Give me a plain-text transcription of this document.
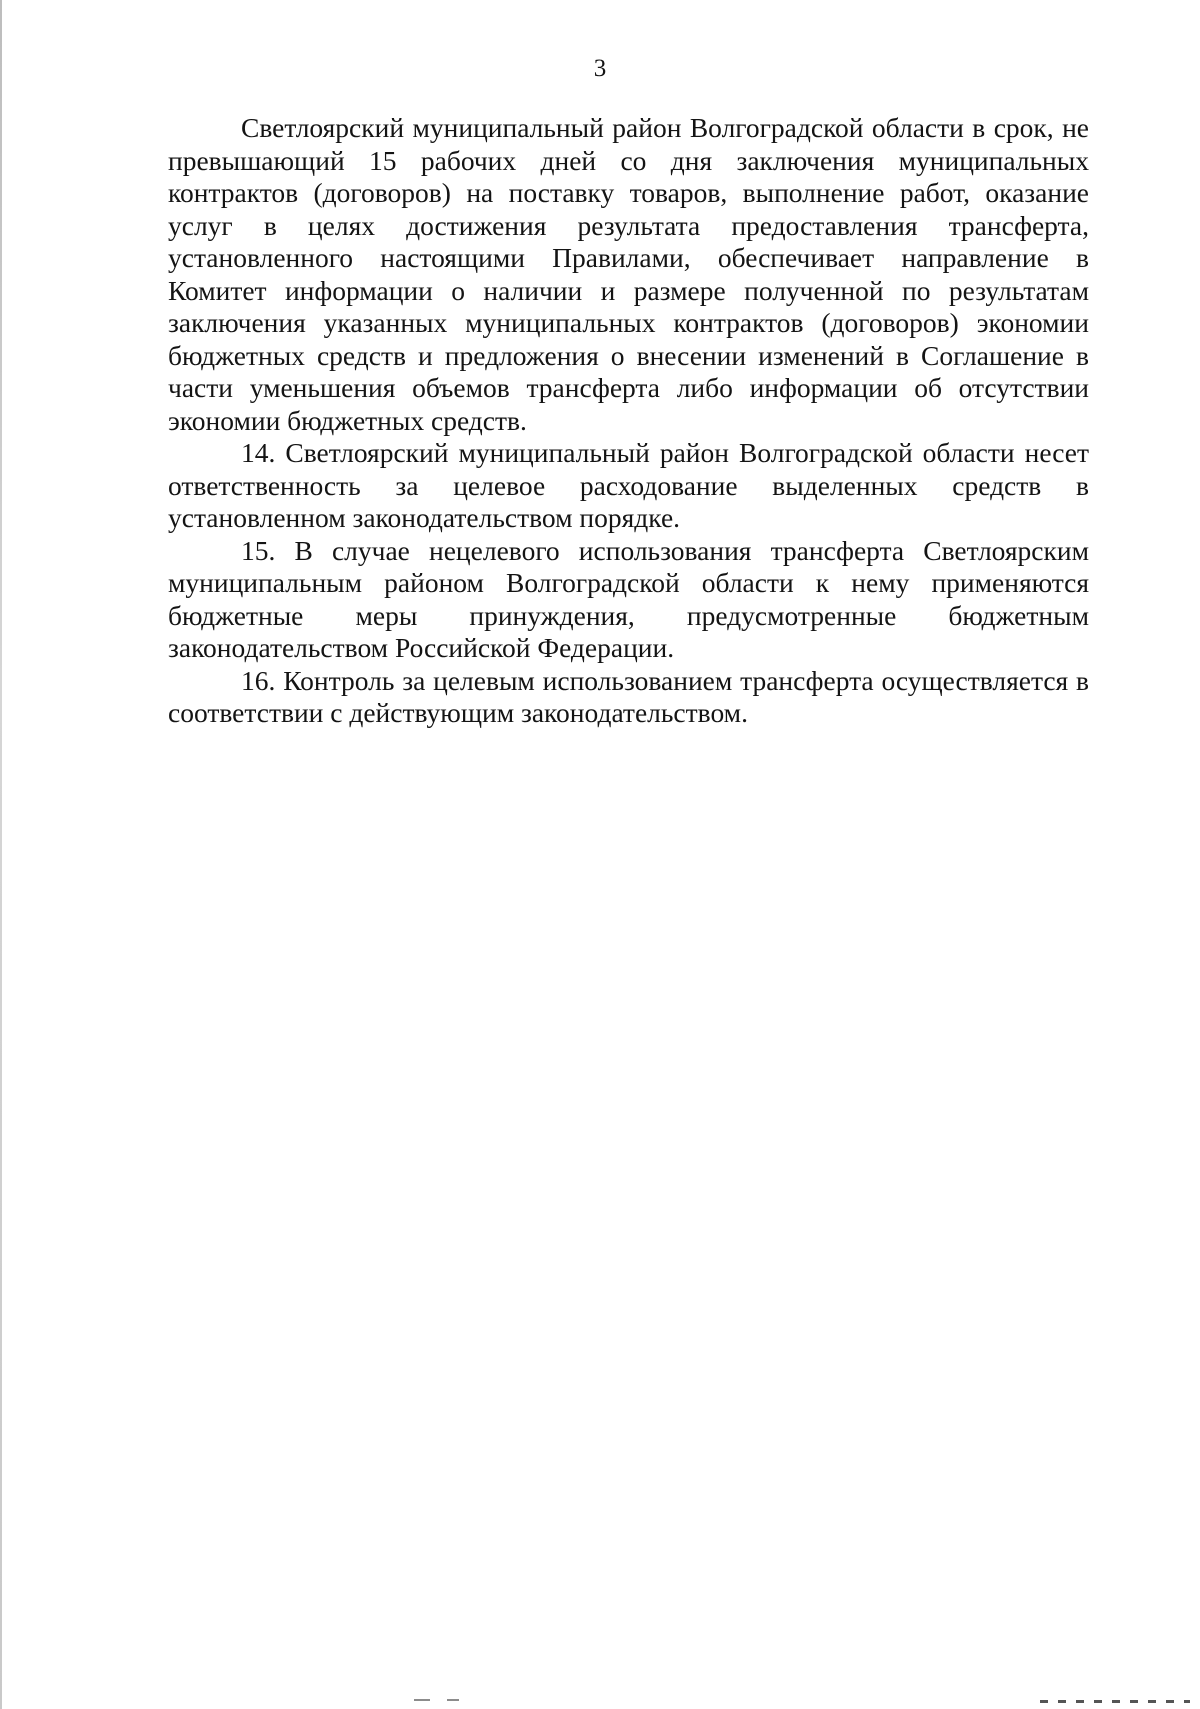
3

Светлоярский муниципальный район Волгоградской области в срок, не превышающий 15 рабочих дней со дня заключения муниципальных контрактов (договоров) на поставку товаров, выполнение работ, оказание услуг в целях достижения результата предоставления трансферта, установленного настоящими Правилами, обеспечивает направление в Комитет информации о наличии и размере полученной по результатам заключения указанных муниципальных контрактов (договоров) экономии бюджетных средств и предложения о внесении изменений в Соглашение в части уменьшения объемов трансферта либо информации об отсутствии экономии бюджетных средств.

14. Светлоярский муниципальный район Волгоградской области несет ответственность за целевое расходование выделенных средств в установленном законодательством порядке.

15. В случае нецелевого использования трансферта Светлоярским муниципальным районом Волгоградской области к нему применяются бюджетные меры принуждения, предусмотренные бюджетным законодательством Российской Федерации.

16. Контроль за целевым использованием трансферта осуществляется в соответствии с действующим законодательством.
